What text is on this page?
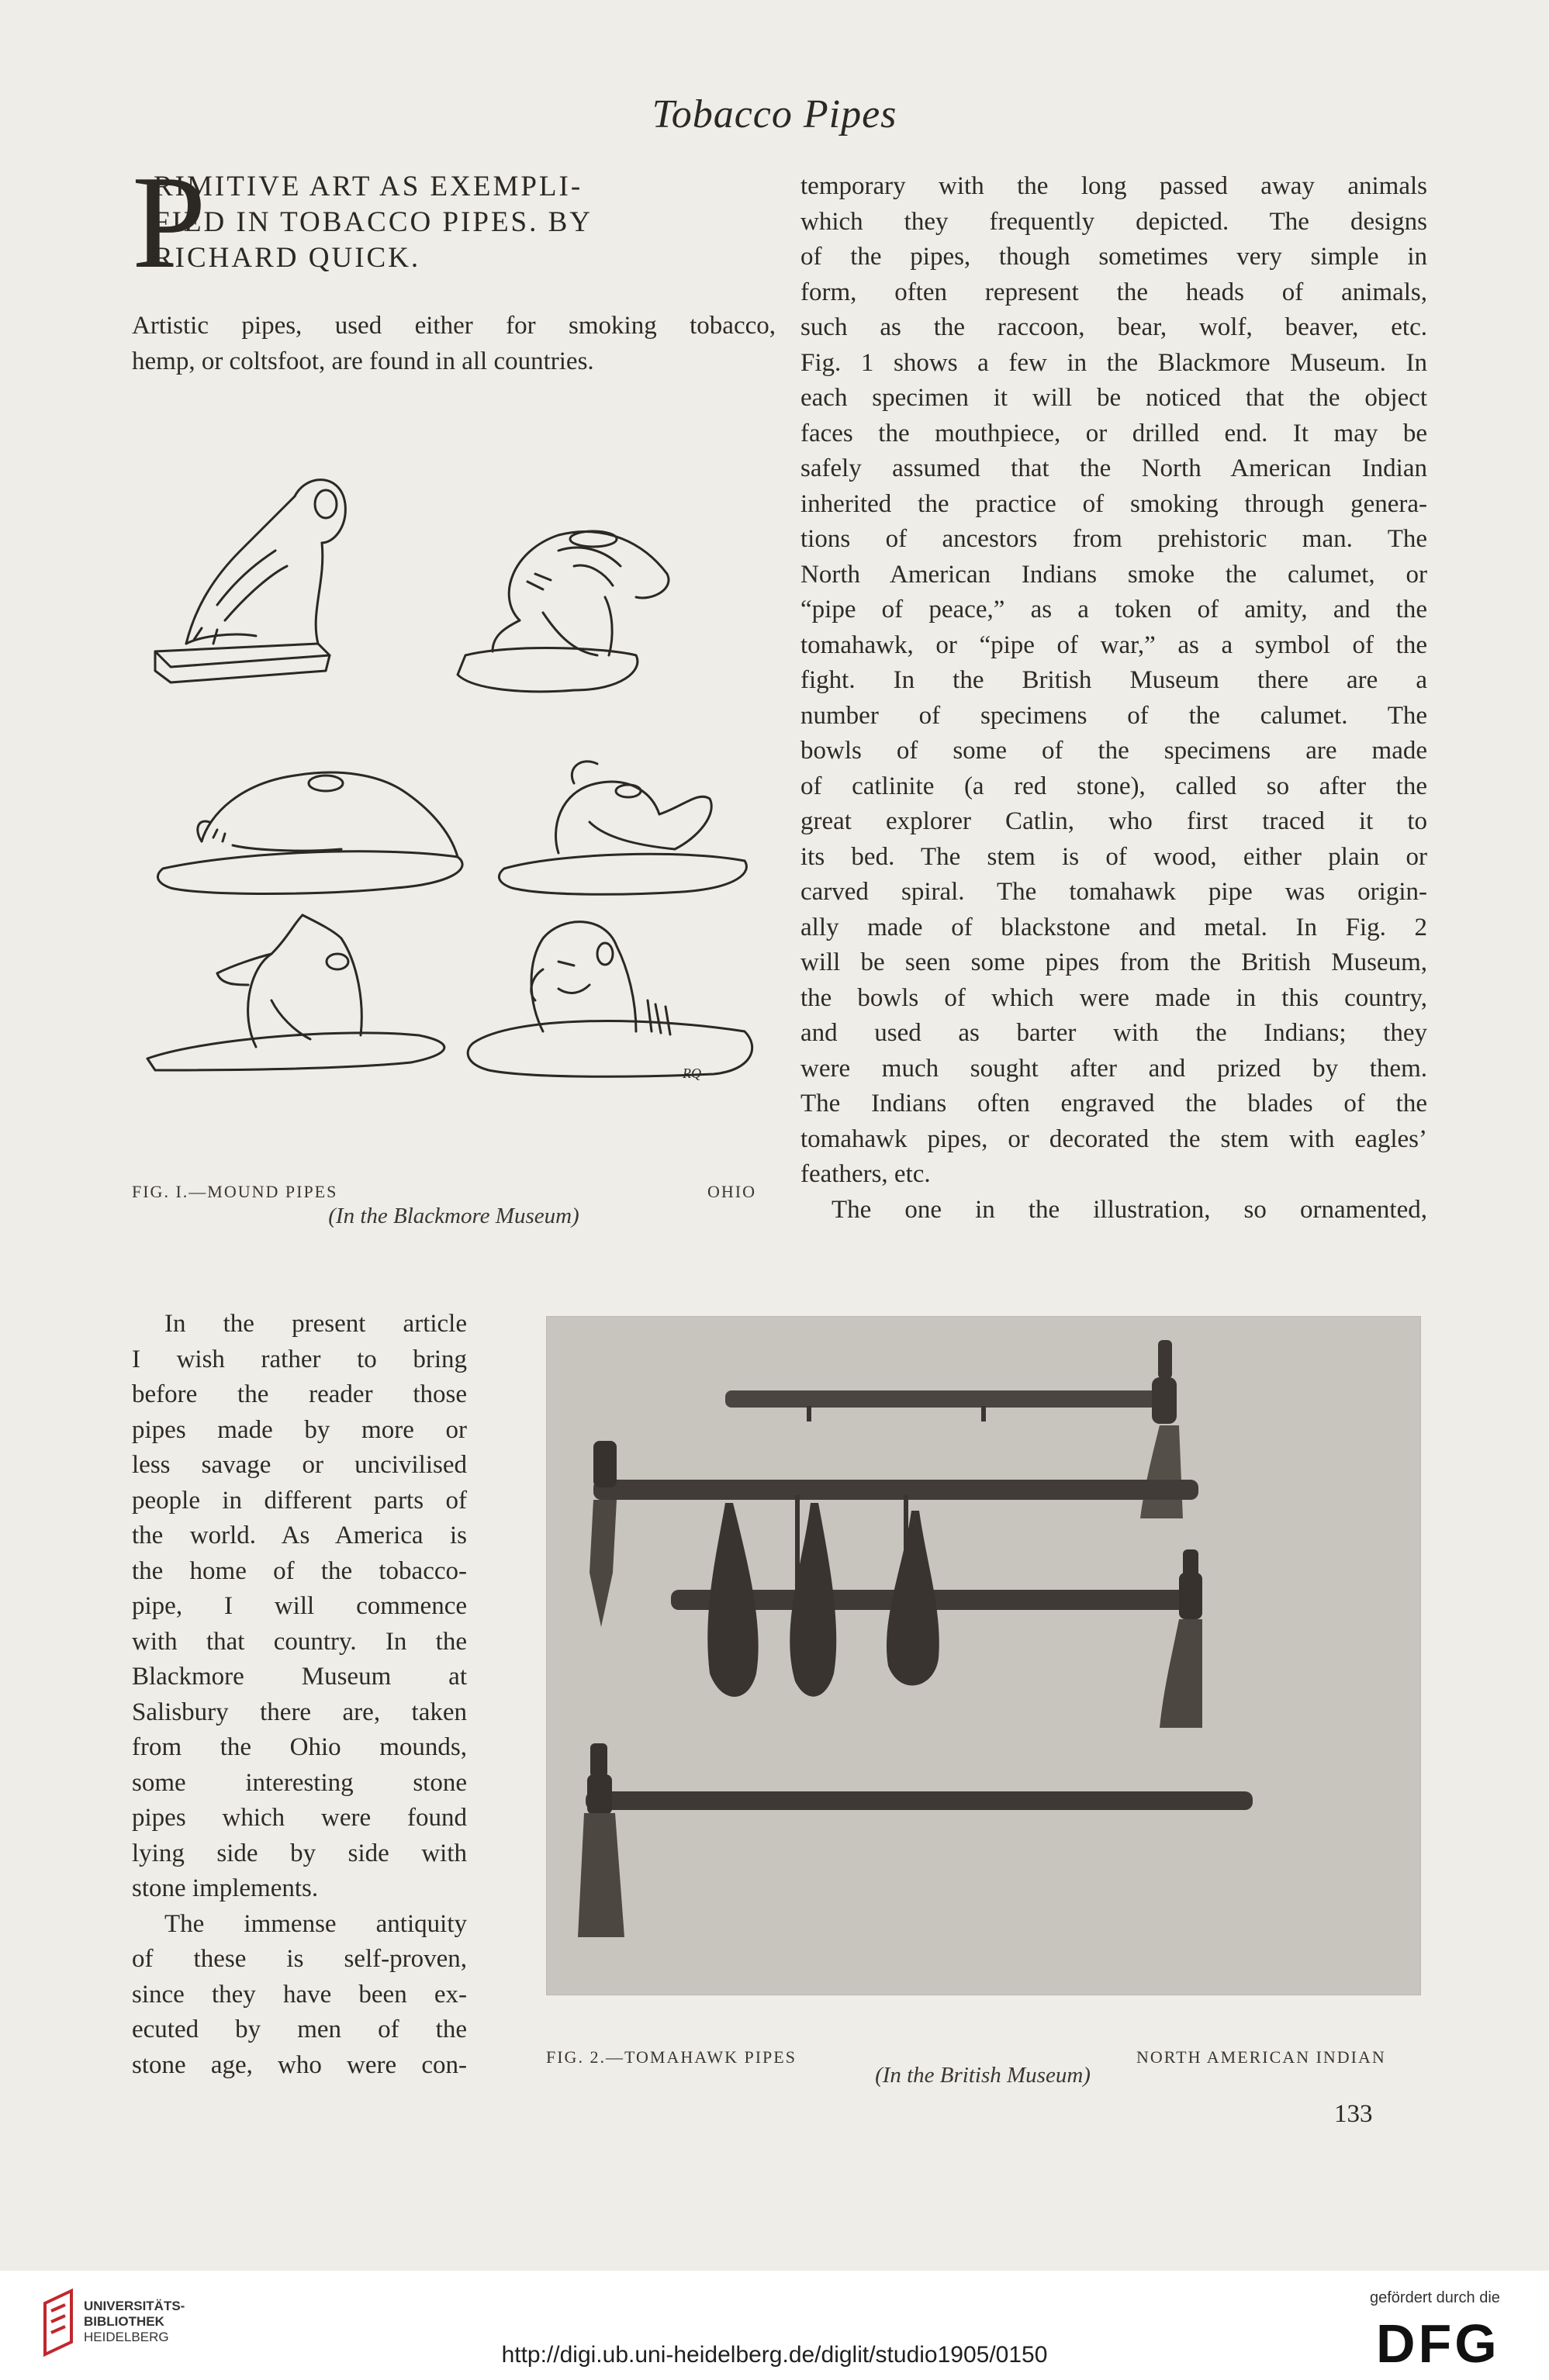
Tobacco Pipes
P
RIMITIVE ART AS EXEMPLI-
FIED IN TOBACCO PIPES. BY
RICHARD QUICK.
Artistic pipes, used either for smoking tobacco,
hemp, or coltsfoot, are found in all countries.
RQ
FIG. I.—MOUND PIPES	OHIO
(In the Blackmore Museum)
temporary with the long passed away animals
which they frequently depicted. The designs
of the pipes, though sometimes very simple in
form, often represent the heads of animals,
such as the raccoon, bear, wolf, beaver, etc.
Fig. 1 shows a few in the Blackmore Museum. In
each specimen it will be noticed that the object
faces the mouthpiece, or drilled end. It may be
safely assumed that the North American Indian
inherited the practice of smoking through genera-
tions of ancestors from prehistoric man. The
North American Indians smoke the calumet, or
“pipe of peace,” as a token of amity, and the
tomahawk, or “pipe of war,” as a symbol of the
fight. In the British Museum there are a
number of specimens of the calumet. The
bowls of some of the specimens are made
of catlinite (a red stone), called so after the
great explorer Catlin, who first traced it to
its bed. The stem is of wood, either plain or
carved spiral. The tomahawk pipe was origin-
ally made of blackstone and metal. In Fig. 2
will be seen some pipes from the British Museum,
the bowls of which were made in this country,
and used as barter with the Indians; they
were much sought after and prized by them.
The Indians often engraved the blades of the
tomahawk pipes, or decorated the stem with eagles’
feathers, etc.
The one in the illustration, so ornamented,
In the present article
I wish rather to bring
before the reader those
pipes made by more or
less savage or uncivilised
people in different parts of
the world. As America is
the home of the tobacco-
pipe, I will commence
with that country. In the
Blackmore Museum at
Salisbury there are, taken
from the Ohio mounds,
some interesting stone
pipes which were found
lying side by side with
stone implements.
The immense antiquity
of these is self-proven,
since they have been ex-
ecuted by men of the
stone age, who were con-	FIG. 2.—TOMAHAWK PIPES	NORTH AMERICAN INDIAN
(In the British Museum)
133
UNIVERSITÄTS-
BIBLIOTHEK
HEIDELBERG
http://digi.ub.uni-heidelberg.de/diglit/studio1905/0150
gefördert durch die
DFG
